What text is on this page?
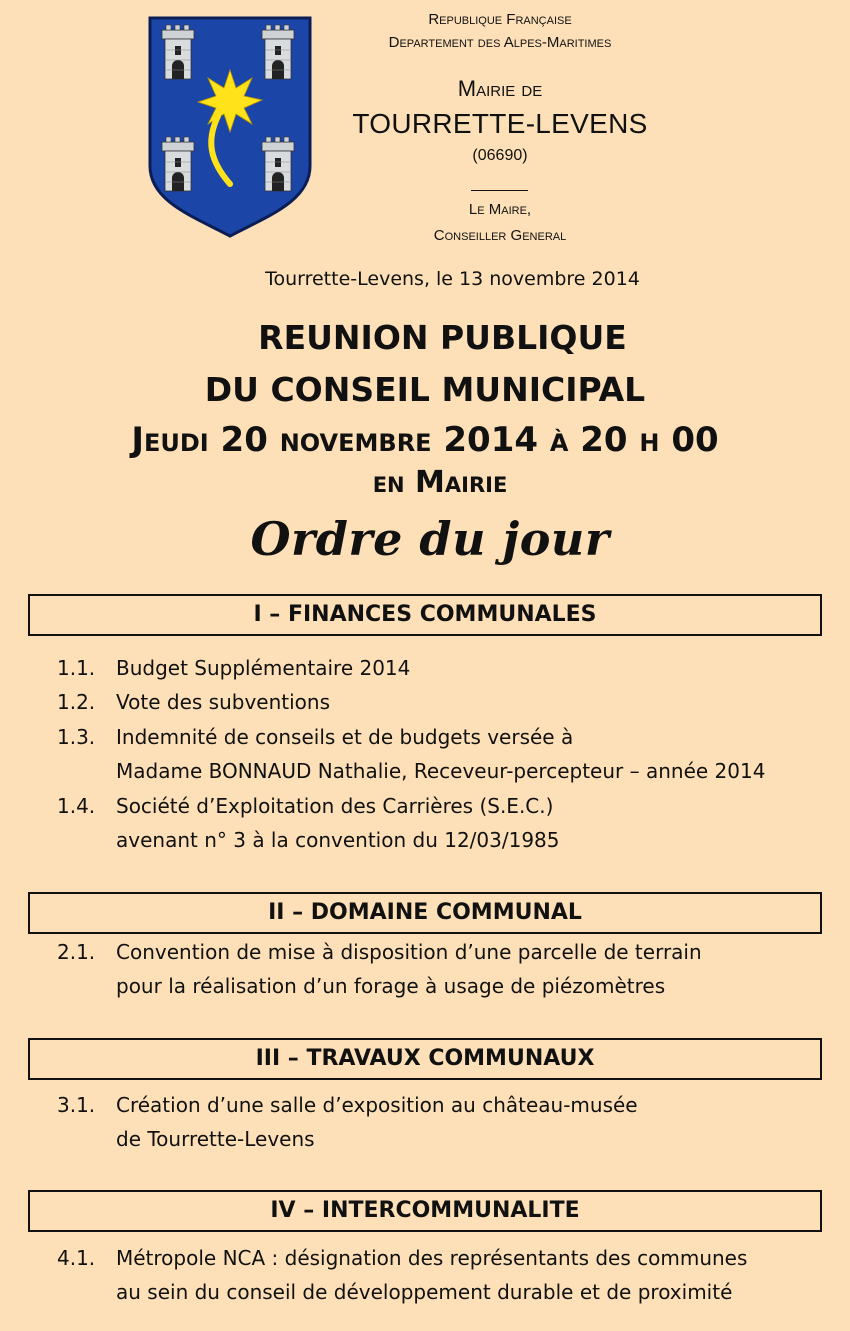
Republique Française
Departement des Alpes-Maritimes
Mairie de
TOURRETTE-LEVENS
(06690)
Le Maire,
Conseiller General
Tourrette-Levens, le 13 novembre 2014
REUNION PUBLIQUE
DU CONSEIL MUNICIPAL
Jeudi 20 novembre 2014 à 20 h 00
en Mairie
Ordre du jour
I – FINANCES COMMUNALES
1.1. Budget Supplémentaire 2014
1.2. Vote des subventions
1.3. Indemnité de conseils et de budgets versée à
Madame BONNAUD Nathalie, Receveur-percepteur – année 2014
1.4. Société d’Exploitation des Carrières (S.E.C.)
avenant n° 3 à la convention du 12/03/1985
II – DOMAINE COMMUNAL
2.1. Convention de mise à disposition d’une parcelle de terrain
pour la réalisation d’un forage à usage de piézomètres
III – TRAVAUX COMMUNAUX
3.1. Création d’une salle d’exposition au château-musée
de Tourrette-Levens
IV – INTERCOMMUNALITE
4.1. Métropole NCA : désignation des représentants des communes
au sein du conseil de développement durable et de proximité
